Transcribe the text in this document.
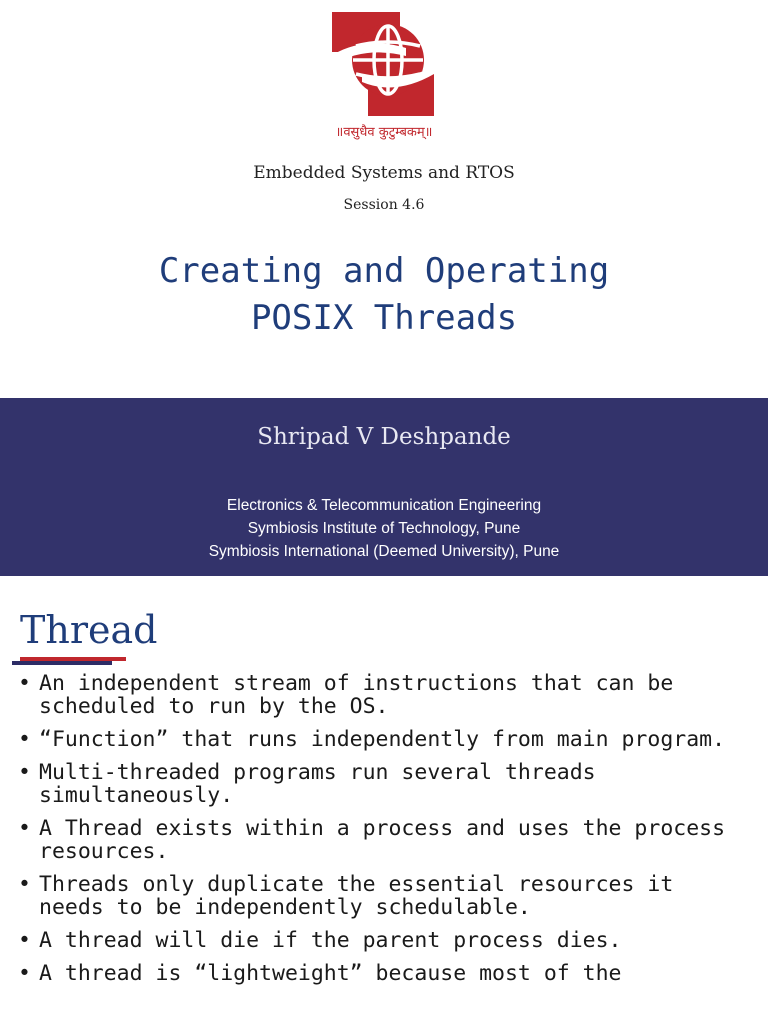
॥वसुधैव कुटुम्बकम्॥
Embedded Systems and RTOS
Session 4.6
Creating and Operating
POSIX Threads
Shripad V Deshpande
Electronics & Telecommunication Engineering
Symbiosis Institute of Technology, Pune
Symbiosis International (Deemed University), Pune
Thread
• An independent stream of instructions that can be scheduled to run by the OS.
• “Function” that runs independently from main program.
• Multi-threaded programs run several threads simultaneously.
• A Thread exists within a process and uses the process resources.
• Threads only duplicate the essential resources it needs to be independently schedulable.
• A thread will die if the parent process dies.
• A thread is “lightweight” because most of the
